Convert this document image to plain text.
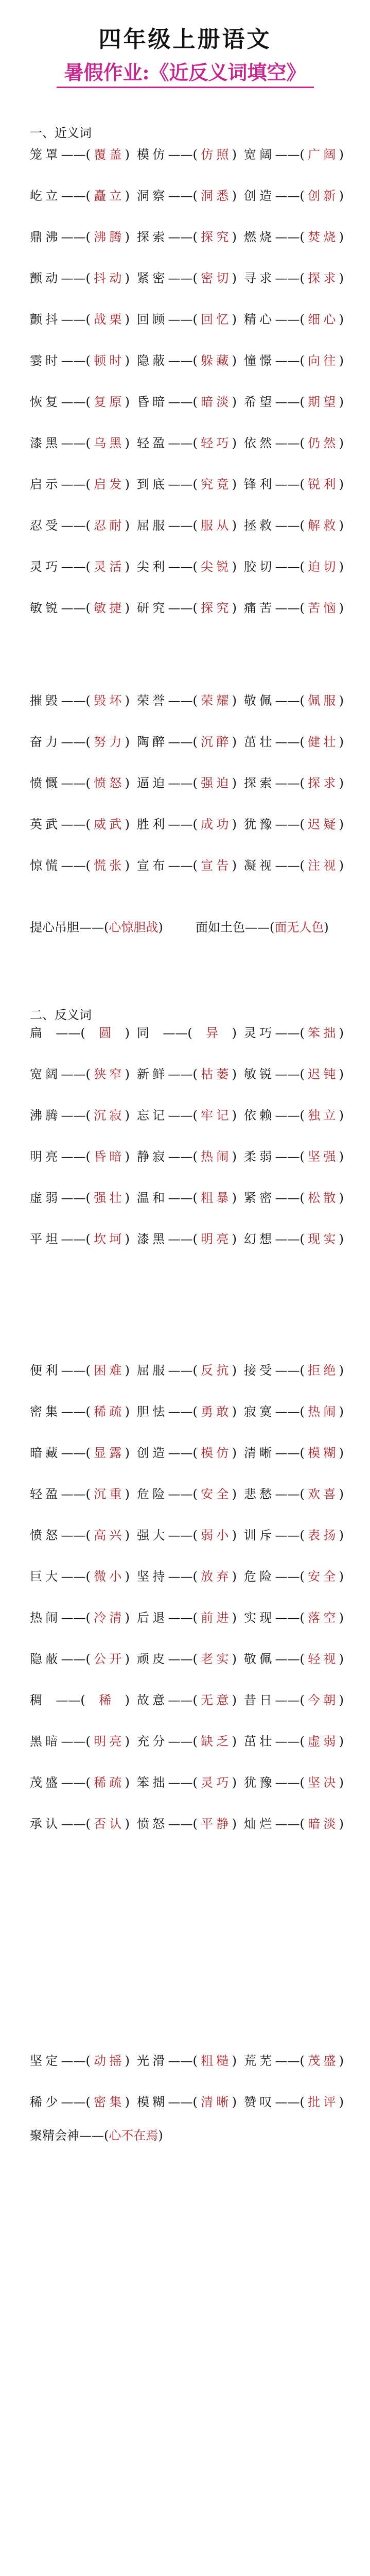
四年级上册语文
暑假作业:《近反义词填空》
一、近义词
笼罩——(覆盖) 模仿——(仿照) 宽阔——(广阔)
屹立——(矗立) 洞察——(洞悉) 创造——(创新)
鼎沸——(沸腾) 探索——(探究) 燃烧——(焚烧)
颤动——(抖动) 紧密——(密切) 寻求——(探求)
颤抖——(战栗) 回顾——(回忆) 精心——(细心)
霎时——(顿时) 隐蔽——(躲藏) 憧憬——(向往)
恢复——(复原) 昏暗——(暗淡) 希望——(期望)
漆黑——(乌黑) 轻盈——(轻巧) 依然——(仍然)
启示——(启发) 到底——(究竟) 锋利——(锐利)
忍受——(忍耐) 屈服——(服从) 拯救——(解救)
灵巧——(灵活) 尖利——(尖锐) 胶切——(迫切)
敏锐——(敏捷) 研究——(探究) 痛苦——(苦恼)
摧毁——(毁坏) 荣誉——(荣耀) 敬佩——(佩服)
奋力——(努力) 陶醉——(沉醉) 茁壮——(健壮)
愤慨——(愤怒) 逼迫——(强迫) 探索——(探求)
英武——(威武) 胜利——(成功) 犹豫——(迟疑)
惊慌——(慌张) 宣布——(宣告) 凝视——(注视)
提心吊胆——(心惊胆战)	面如土色——(面无人色)
二、反义词
扁——(圆) 同——(异) 灵巧——(笨拙)
宽阔——(狭窄) 新鲜——(枯萎) 敏锐——(迟钝)
沸腾——(沉寂) 忘记——(牢记) 依赖——(独立)
明亮——(昏暗) 静寂——(热闹) 柔弱——(坚强)
虚弱——(强壮) 温和——(粗暴) 紧密——(松散)
平坦——(坎坷) 漆黑——(明亮) 幻想——(现实)
便利——(困难) 屈服——(反抗) 接受——(拒绝)
密集——(稀疏) 胆怯——(勇敢) 寂寞——(热闹)
暗藏——(显露) 创造——(模仿) 清晰——(模糊)
轻盈——(沉重) 危险——(安全) 悲愁——(欢喜)
愤怒——(高兴) 强大——(弱小) 训斥——(表扬)
巨大——(微小) 坚持——(放弃) 危险——(安全)
热闹——(冷清) 后退——(前进) 实现——(落空)
隐蔽——(公开) 顽皮——(老实) 敬佩——(轻视)
稠——(稀) 故意——(无意) 昔日——(今朝)
黑暗——(明亮) 充分——(缺乏) 茁壮——(虚弱)
茂盛——(稀疏) 笨拙——(灵巧) 犹豫——(坚决)
承认——(否认) 愤怒——(平静) 灿烂——(暗淡)
坚定——(动摇) 光滑——(粗糙) 荒芜——(茂盛)
稀少——(密集) 模糊——(清晰) 赞叹——(批评)
聚精会神——(心不在焉)
